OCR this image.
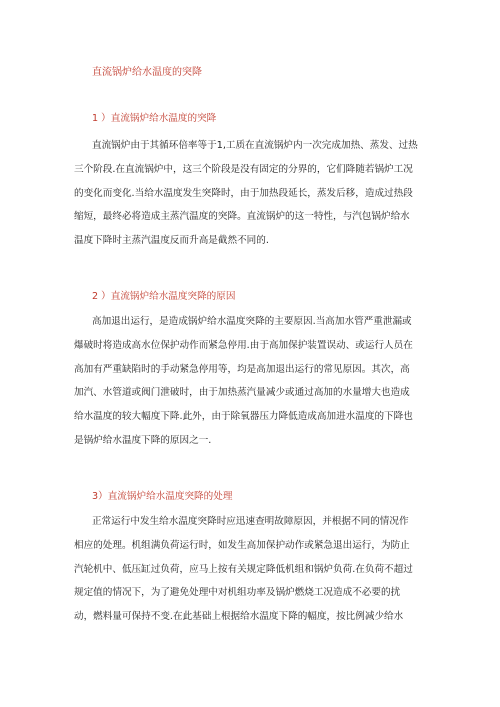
直流锅炉给水温度的突降
1 ）直流锅炉给水温度的突降
直流锅炉由于其循环倍率等于1,工质在直流锅炉内一次完成加热、蒸发、过热
三个阶段.在直流锅炉中，这三个阶段是没有固定的分界的，它们降随若锅炉工况
的变化而变化.当给水温度发生突降时，由于加热段延长，蒸发后移，造成过热段
缩短，最终必将造成主蒸汽温度的突降。直流锅炉的这一特性，与汽包锅炉给水
温度下降时主蒸汽温度反而升高是截然不同的.
2 ）直流锅炉给水温度突降的原因
高加退出运行，是造成锅炉给水温度突降的主要原因.当高加水管严重泄漏或
爆破时将造成高水位保护动作而紧急停用.由于高加保护装置误动、或运行人员在
高加有严重缺陷时的手动紧急停用等，均是高加退出运行的常见原因。其次，高
加汽、水管道或阀门泄破时，由于加热蒸汽量减少或通过高加的水量增大也造成
给水温度的较大幅度下降.此外，由于除氧器压力降低造成高加进水温度的下降也
是锅炉给水温度下降的原因之一.
3）直流锅炉给水温度突降的处理
正常运行中发生给水温度突降时应迅速查明故障原因，并根据不同的情况作
相应的处理。机组满负荷运行时，如发生高加保护动作或紧急退出运行，为防止
汽轮机中、低压缸过负荷，应马上按有关规定降低机组和锅炉负荷.在负荷不超过
规定值的情况下，为了避免处理中对机组功率及锅炉燃烧工况造成不必要的扰
动，燃料量可保持不变.在此基础上根据给水温度下降的幅度，按比例减少给水
